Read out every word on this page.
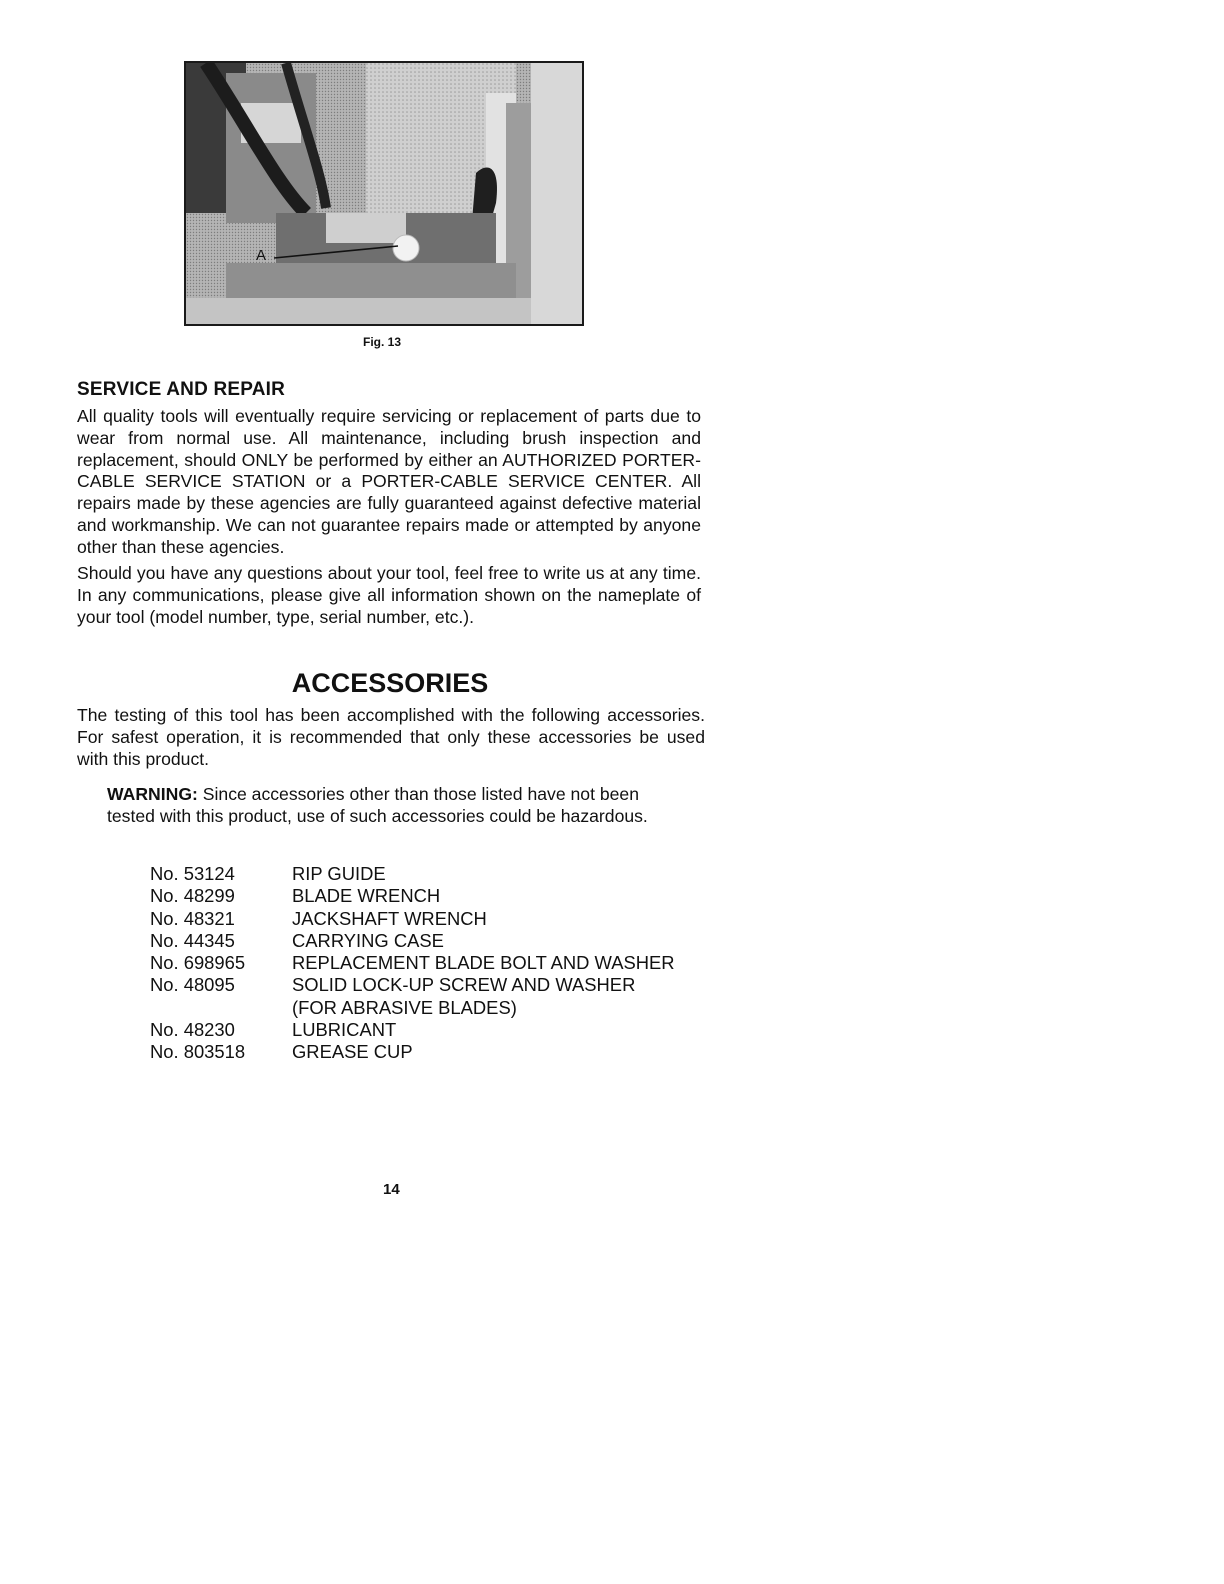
A
Fig. 13
SERVICE AND REPAIR

All quality tools will eventually require servicing or replacement of parts due to wear from normal use. All maintenance, including brush inspection and replacement, should ONLY be performed by either an AUTHORIZED PORTER-CABLE SERVICE STATION or a PORTER-CABLE SERVICE CENTER. All repairs made by these agencies are fully guaranteed against defective material and workmanship. We can not guarantee repairs made or attempted by anyone other than these agencies.

Should you have any questions about your tool, feel free to write us at any time. In any communications, please give all information shown on the nameplate of your tool (model number, type, serial number, etc.).

ACCESSORIES

The testing of this tool has been accomplished with the following accessories. For safest operation, it is recommended that only these accessories be used with this product.

WARNING: Since accessories other than those listed have not been tested with this product, use of such accessories could be hazardous.

No. 53124	RIP GUIDE
No. 48299	BLADE WRENCH
No. 48321	JACKSHAFT WRENCH
No. 44345	CARRYING CASE
No. 698965	REPLACEMENT BLADE BOLT AND WASHER
No. 48095	SOLID LOCK-UP SCREW AND WASHER
(FOR ABRASIVE BLADES)
No. 48230	LUBRICANT
No. 803518	GREASE CUP
14
